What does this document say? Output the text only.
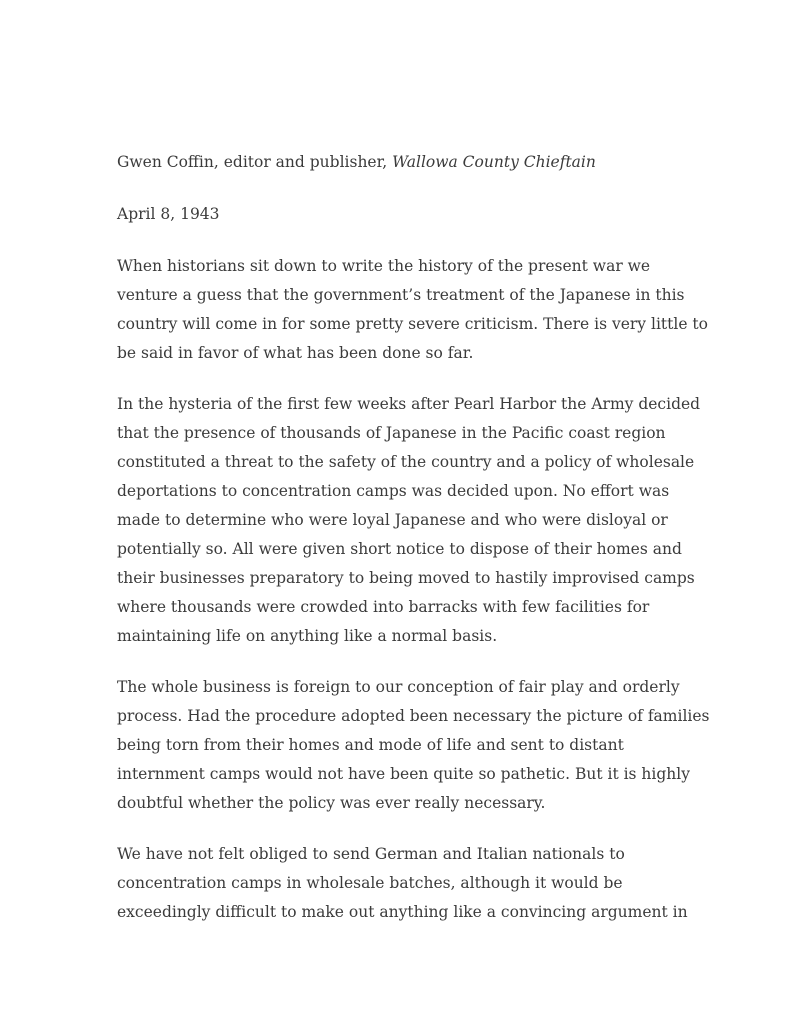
Gwen Coffin, editor and publisher, Wallowa County Chieftain

April 8, 1943

When historians sit down to write the history of the present war we
venture a guess that the government’s treatment of the Japanese in this
country will come in for some pretty severe criticism. There is very little to
be said in favor of what has been done so far.
In the hysteria of the first few weeks after Pearl Harbor the Army decided
that the presence of thousands of Japanese in the Pacific coast region
constituted a threat to the safety of the country and a policy of wholesale
deportations to concentration camps was decided upon. No effort was
made to determine who were loyal Japanese and who were disloyal or
potentially so. All were given short notice to dispose of their homes and
their businesses preparatory to being moved to hastily improvised camps
where thousands were crowded into barracks with few facilities for
maintaining life on anything like a normal basis.
The whole business is foreign to our conception of fair play and orderly
process. Had the procedure adopted been necessary the picture of families
being torn from their homes and mode of life and sent to distant
internment camps would not have been quite so pathetic. But it is highly
doubtful whether the policy was ever really necessary.
We have not felt obliged to send German and Italian nationals to
concentration camps in wholesale batches, although it would be
exceedingly difficult to make out anything like a convincing argument in
